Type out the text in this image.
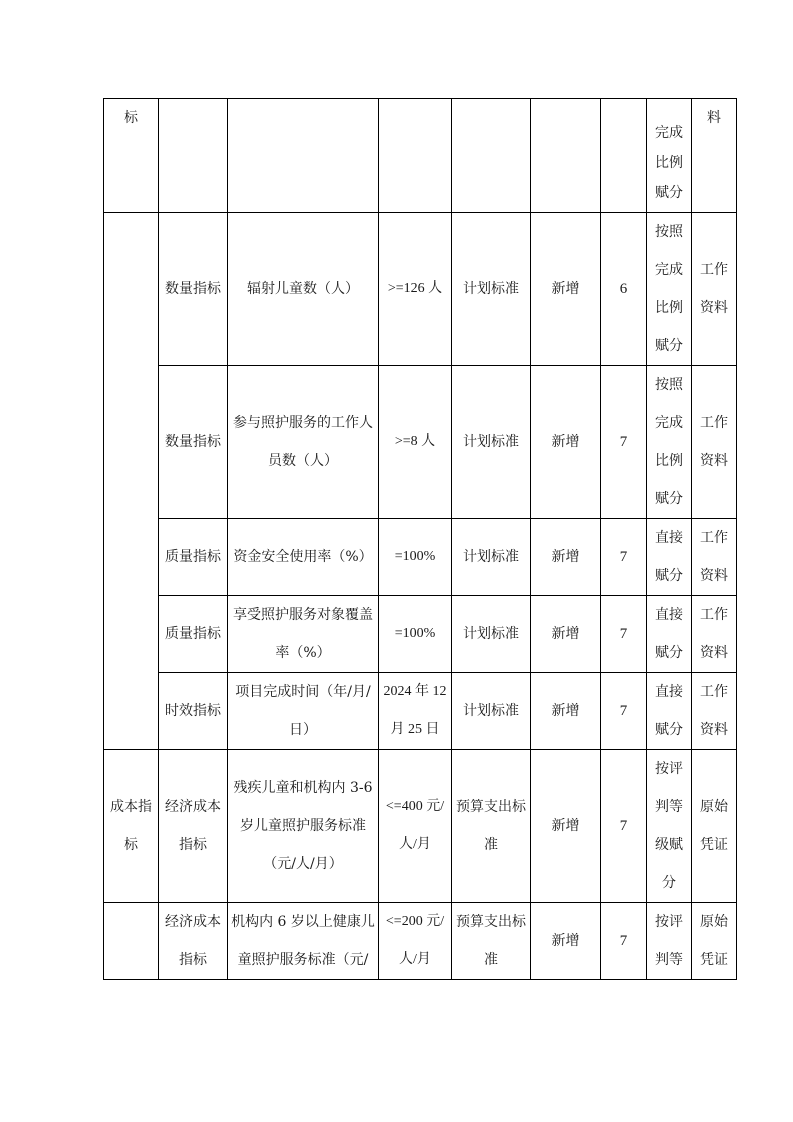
标							完成
比例
赋分	料
	数量指标	辐射儿童数（人）	>=126 人	计划标准	新增	6	按照
完成
比例
赋分	工作资料
	数量指标	参与照护服务的工作人员数（人）	>=8 人	计划标准	新增	7	按照
完成
比例
赋分	工作资料
	质量指标	资金安全使用率（%）	=100%	计划标准	新增	7	直接
赋分	工作资料
	质量指标	享受照护服务对象覆盖率（%）	=100%	计划标准	新增	7	直接
赋分	工作资料
	时效指标	项目完成时间（年/月/日）	2024 年 12 月 25 日	计划标准	新增	7	直接
赋分	工作资料
成本指标	经济成本指标	残疾儿童和机构内 3-6 岁儿童照护服务标准（元/人/月）	<=400 元/人/月	预算支出标准	新增	7	按评
判等
级赋
分	原始凭证
	经济成本指标	机构内 6 岁以上健康儿童照护服务标准（元/	<=200 元/人/月	预算支出标准	新增	7	按评
判等	原始凭证
